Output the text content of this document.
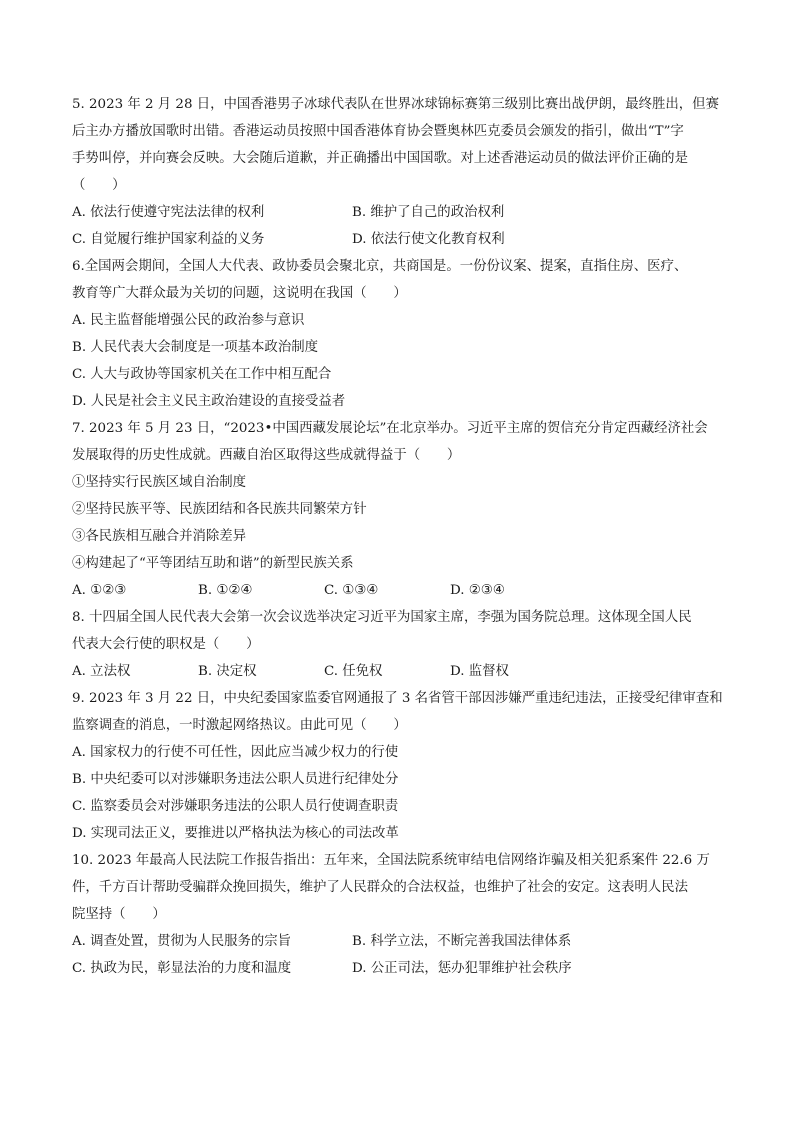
5. 2023 年 2 月 28 日，中国香港男子冰球代表队在世界冰球锦标赛第三级别比赛出战伊朗，最终胜出，但赛
后主办方播放国歌时出错。香港运动员按照中国香港体育协会暨奥林匹克委员会颁发的指引，做出“T”字
手势叫停，并向赛会反映。大会随后道歉，并正确播出中国国歌。对上述香港运动员的做法评价正确的是
（　　）
A. 依法行使遵守宪法法律的权利	B. 维护了自己的政治权利
C. 自觉履行维护国家利益的义务	D. 依法行使文化教育权利
6.全国两会期间，全国人大代表、政协委员会聚北京，共商国是。一份份议案、提案，直指住房、医疗、
教育等广大群众最为关切的问题，这说明在我国（　　）
A. 民主监督能增强公民的政治参与意识
B. 人民代表大会制度是一项基本政治制度
C. 人大与政协等国家机关在工作中相互配合
D. 人民是社会主义民主政治建设的直接受益者
7. 2023 年 5 月 23 日，“2023•中国西藏发展论坛”在北京举办。习近平主席的贺信充分肯定西藏经济社会
发展取得的历史性成就。西藏自治区取得这些成就得益于（　　）
①坚持实行民族区域自治制度
②坚持民族平等、民族团结和各民族共同繁荣方针
③各民族相互融合并消除差异
④构建起了“平等团结互助和谐”的新型民族关系
A. ①②③	B. ①②④	C. ①③④	D. ②③④
8. 十四届全国人民代表大会第一次会议选举决定习近平为国家主席，李强为国务院总理。这体现全国人民
代表大会行使的职权是（　　）
A. 立法权	B. 决定权	C. 任免权	D. 监督权
9. 2023 年 3 月 22 日，中央纪委国家监委官网通报了 3 名省管干部因涉嫌严重违纪违法，正接受纪律审查和
监察调查的消息，一时激起网络热议。由此可见（　　）
A. 国家权力的行使不可任性，因此应当减少权力的行使
B. 中央纪委可以对涉嫌职务违法公职人员进行纪律处分
C. 监察委员会对涉嫌职务违法的公职人员行使调查职责
D. 实现司法正义，要推进以严格执法为核心的司法改革
10. 2023 年最高人民法院工作报告指出：五年来，全国法院系统审结电信网络诈骗及相关犯系案件 22.6 万
件，千方百计帮助受骗群众挽回损失，维护了人民群众的合法权益，也维护了社会的安定。这表明人民法
院坚持（　　）
A. 调查处置，贯彻为人民服务的宗旨	B. 科学立法，不断完善我国法律体系
C. 执政为民，彰显法治的力度和温度	D. 公正司法，惩办犯罪维护社会秩序
